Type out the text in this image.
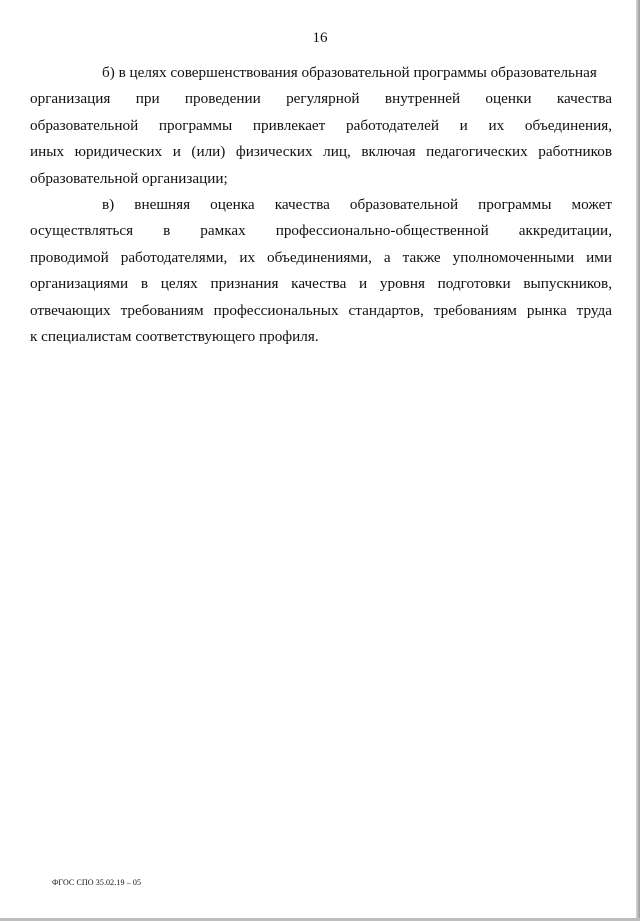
16

б) в целях совершенствования образовательной программы образовательная
организация при проведении регулярной внутренней оценки качества
образовательной программы привлекает работодателей и их объединения,
иных юридических и (или) физических лиц, включая педагогических работников
образовательной организации;

в) внешняя оценка качества образовательной программы может
осуществляться в рамках профессионально-общественной аккредитации,
проводимой работодателями, их объединениями, а также уполномоченными ими
организациями в целях признания качества и уровня подготовки выпускников,
отвечающих требованиям профессиональных стандартов, требованиям рынка труда
к специалистам соответствующего профиля.

ФГОС СПО 35.02.19 – 05
